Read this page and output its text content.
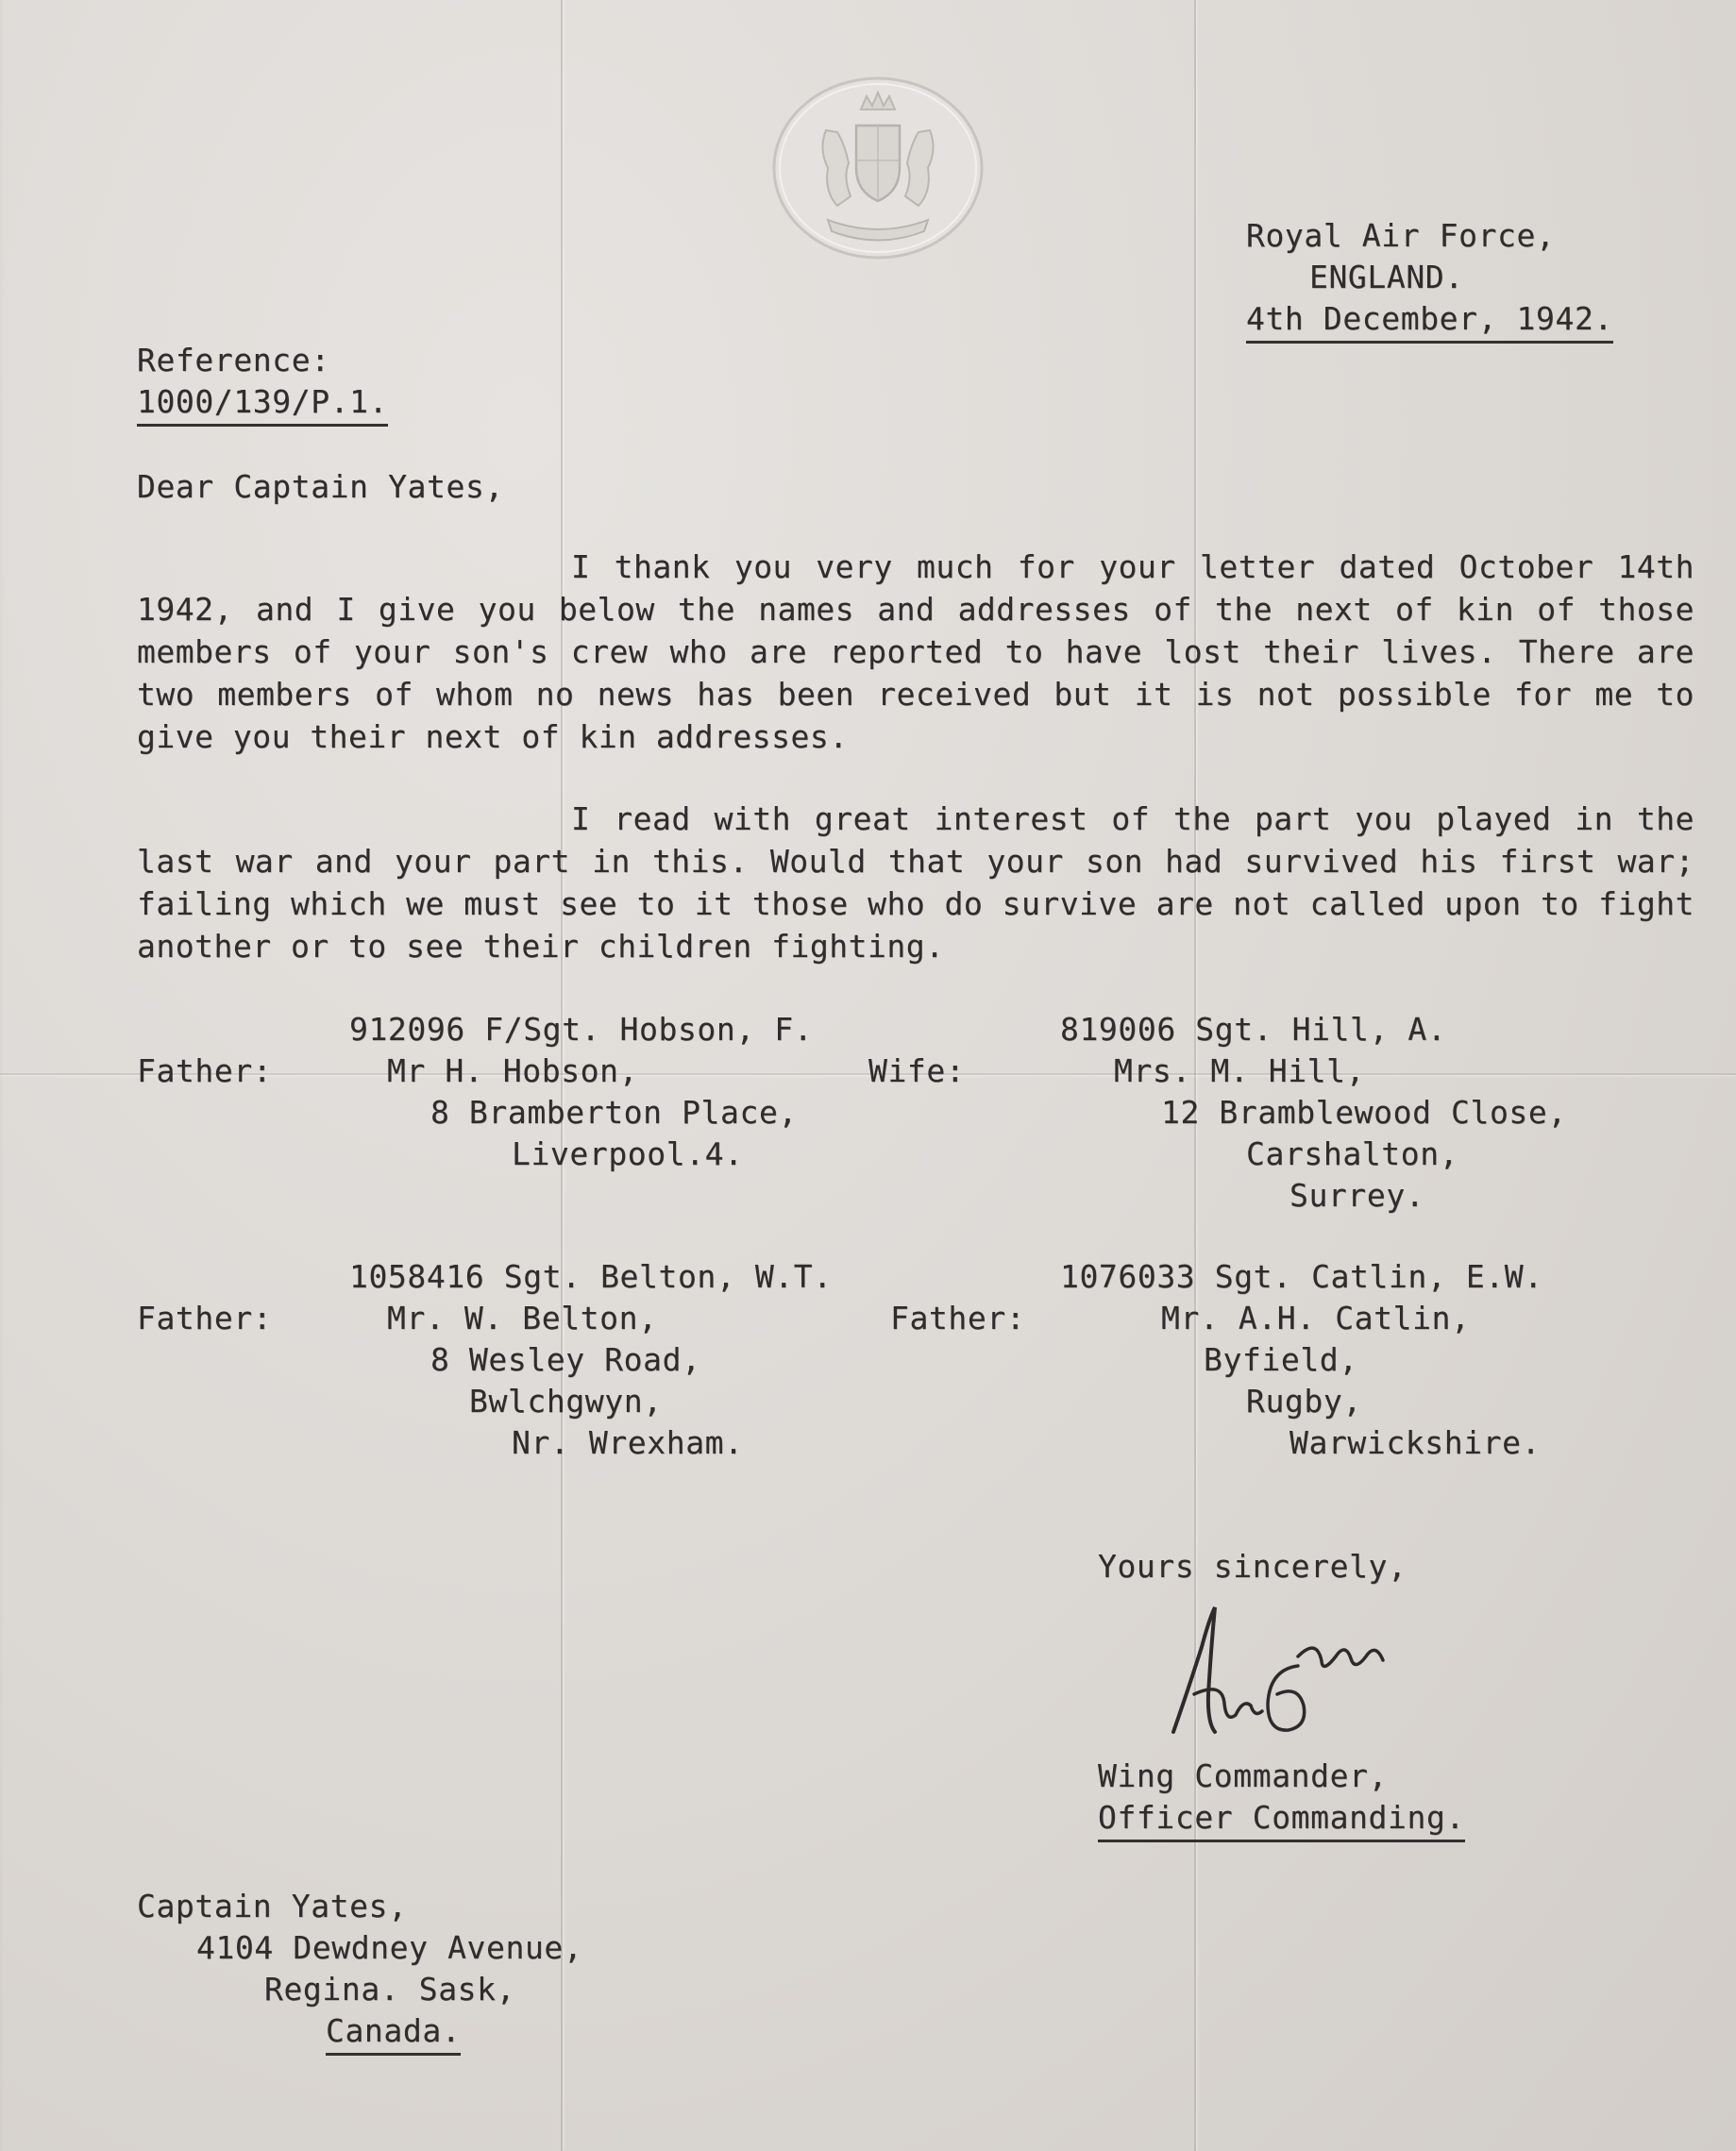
Royal Air Force,
ENGLAND.
4th December, 1942.
Reference:
1000/139/P.1.
Dear Captain Yates,
I thank you very much for your letter dated October 14th 1942, and I give you below the names and addresses of the next of kin of those members of your son's crew who are reported to have lost their lives. There are two members of whom no news has been received but it is not possible for me to give you their next of kin addresses.
I read with great interest of the part you played in the last war and your part in this. Would that your son had survived his first war; failing which we must see to it those who do survive are not called upon to fight another or to see their children fighting.
912096 F/Sgt. Hobson, F.
Father:	Mr H. Hobson,
8 Bramberton Place,
Liverpool.4.
819006 Sgt. Hill, A.
Wife:	Mrs. M. Hill,
12 Bramblewood Close,
Carshalton,
Surrey.
1058416 Sgt. Belton, W.T.
Father:	Mr. W. Belton,
8 Wesley Road,
Bwlchgwyn,
Nr. Wrexham.
1076033 Sgt. Catlin, E.W.
Father:	Mr. A.H. Catlin,
Byfield,
Rugby,
Warwickshire.
Yours sincerely,
Wing Commander,
Officer Commanding.
Captain Yates,
4104 Dewdney Avenue,
Regina. Sask,
Canada.
